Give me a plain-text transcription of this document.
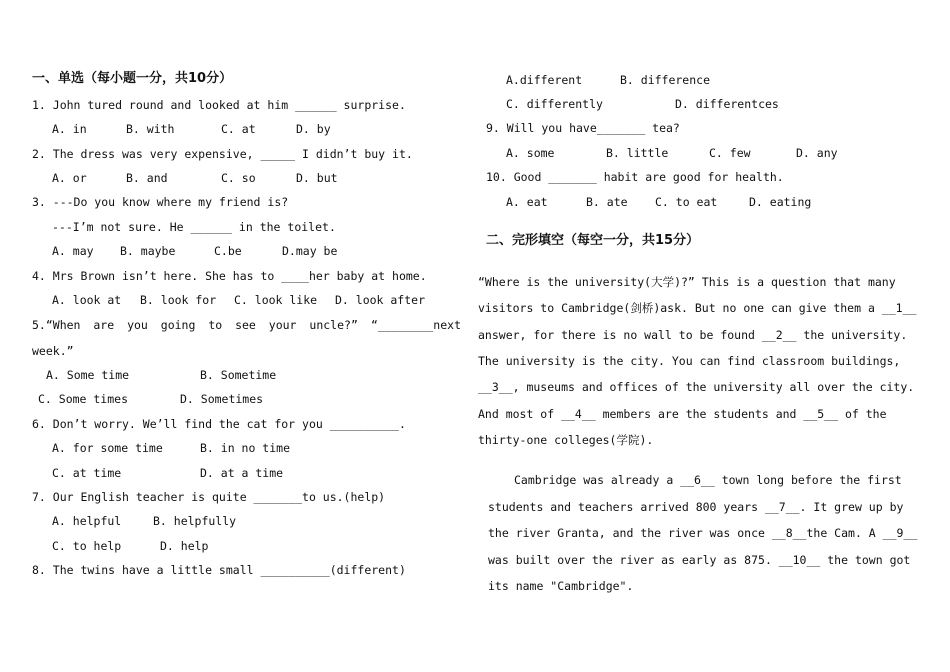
一、单选（每小题一分，共10分）
1. John tured round and looked at him ______ surprise.
A. in	B. with	C. at	D. by
2. The dress was very expensive, _____ I didn’t buy it.
A. or	B. and	C. so	D. but
3. ---Do you know where my friend is?
---I’m not sure. He ______ in the toilet.
A. may B. maybe	C.be	D.may be
4. Mrs Brown isn’t here. She has to ____her baby at home.
A. look at B. look for C. look like D. look after
5.“When are you going to see your uncle?” “________next
week.”
A. Some time	B. Sometime
C. Some times	D. Sometimes
6. Don’t worry. We’ll find the cat for you __________.
A. for some time	B. in no time
C. at time	D. at a time
7. Our English teacher is quite _______to us.(help)
A. helpful	B. helpfully
C. to help	D. help
8. The twins have a little small __________(different)
A.different	B. difference
C. differently	D. differentces
9. Will you have_______ tea?
A. some	B. little	C. few	D. any
10. Good _______ habit are good for health.
A. eat	B. ate C. to eat	D. eating
二、完形填空（每空一分，共15分）
“Where is the university(大学)?” This is a question that many
visitors to Cambridge(剑桥)ask. But no one can give them a __1__
answer, for there is no wall to be found __2__ the university.
The university is the city. You can find classroom buildings,
__3__, museums and offices of the university all over the city.
And most of __4__ members are the students and __5__ of the
thirty-one colleges(学院).
Cambridge was already a __6__ town long before the first
students and teachers arrived 800 years __7__. It grew up by
the river Granta, and the river was once __8__the Cam. A __9__
was built over the river as early as 875. __10__ the town got
its name "Cambridge".
